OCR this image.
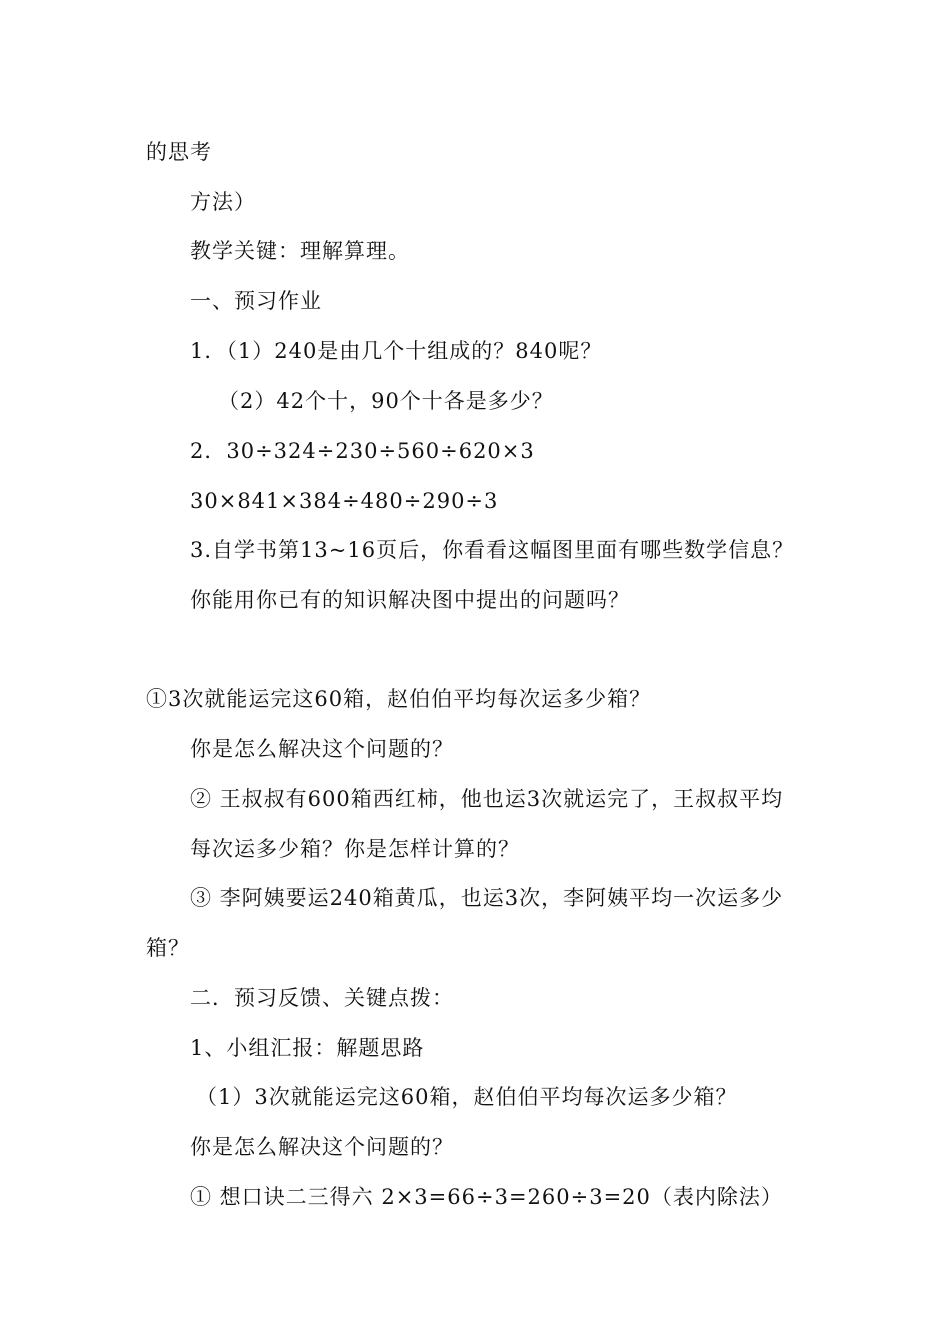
的思考
方法）
教学关键：理解算理。
一、预习作业
1．（1）240是由几个十组成的？840呢？
（2）42个十，90个十各是多少？
2．30÷324÷230÷560÷620×3
30×841×384÷480÷290÷3
3.自学书第13~16页后，你看看这幅图里面有哪些数学信息？
你能用你已有的知识解决图中提出的问题吗？
①3次就能运完这60箱，赵伯伯平均每次运多少箱？
你是怎么解决这个问题的？
② 王叔叔有600箱西红柿，他也运3次就运完了，王叔叔平均
每次运多少箱？你是怎样计算的？
③ 李阿姨要运240箱黄瓜，也运3次，李阿姨平均一次运多少
箱？
二．预习反馈、关键点拨：
1、小组汇报：解题思路
（1）3次就能运完这60箱，赵伯伯平均每次运多少箱？
你是怎么解决这个问题的？
① 想口诀二三得六 2×3=66÷3=260÷3=20（表内除法）
